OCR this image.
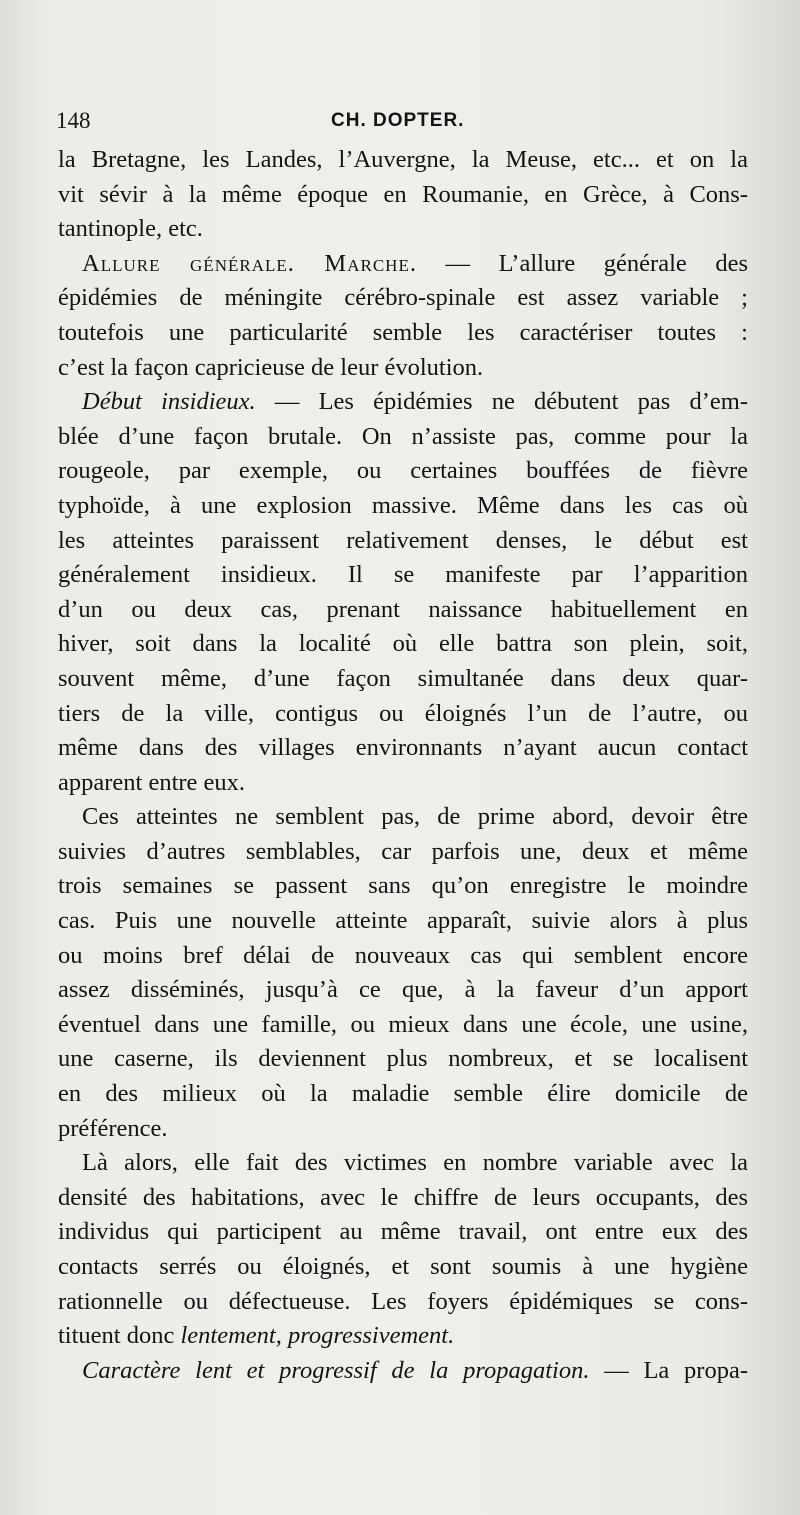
148	CH. DOPTER.
la Bretagne, les Landes, l’Auvergne, la Meuse, etc... et on la
vit sévir à la même époque en Roumanie, en Grèce, à Cons-
tantinople, etc.
Allure générale. Marche. — L’allure générale des
épidémies de méningite cérébro-spinale est assez variable ;
toutefois une particularité semble les caractériser toutes :
c’est la façon capricieuse de leur évolution.
Début insidieux. — Les épidémies ne débutent pas d’em-
blée d’une façon brutale. On n’assiste pas, comme pour la
rougeole, par exemple, ou certaines bouffées de fièvre
typhoïde, à une explosion massive. Même dans les cas où
les atteintes paraissent relativement denses, le début est
généralement insidieux. Il se manifeste par l’apparition
d’un ou deux cas, prenant naissance habituellement en
hiver, soit dans la localité où elle battra son plein, soit,
souvent même, d’une façon simultanée dans deux quar-
tiers de la ville, contigus ou éloignés l’un de l’autre, ou
même dans des villages environnants n’ayant aucun contact
apparent entre eux.
Ces atteintes ne semblent pas, de prime abord, devoir être
suivies d’autres semblables, car parfois une, deux et même
trois semaines se passent sans qu’on enregistre le moindre
cas. Puis une nouvelle atteinte apparaît, suivie alors à plus
ou moins bref délai de nouveaux cas qui semblent encore
assez disséminés, jusqu’à ce que, à la faveur d’un apport
éventuel dans une famille, ou mieux dans une école, une usine,
une caserne, ils deviennent plus nombreux, et se localisent
en des milieux où la maladie semble élire domicile de
préférence.
Là alors, elle fait des victimes en nombre variable avec la
densité des habitations, avec le chiffre de leurs occupants, des
individus qui participent au même travail, ont entre eux des
contacts serrés ou éloignés, et sont soumis à une hygiène
rationnelle ou défectueuse. Les foyers épidémiques se cons-
tituent donc lentement, progressivement.
Caractère lent et progressif de la propagation. — La propa-
